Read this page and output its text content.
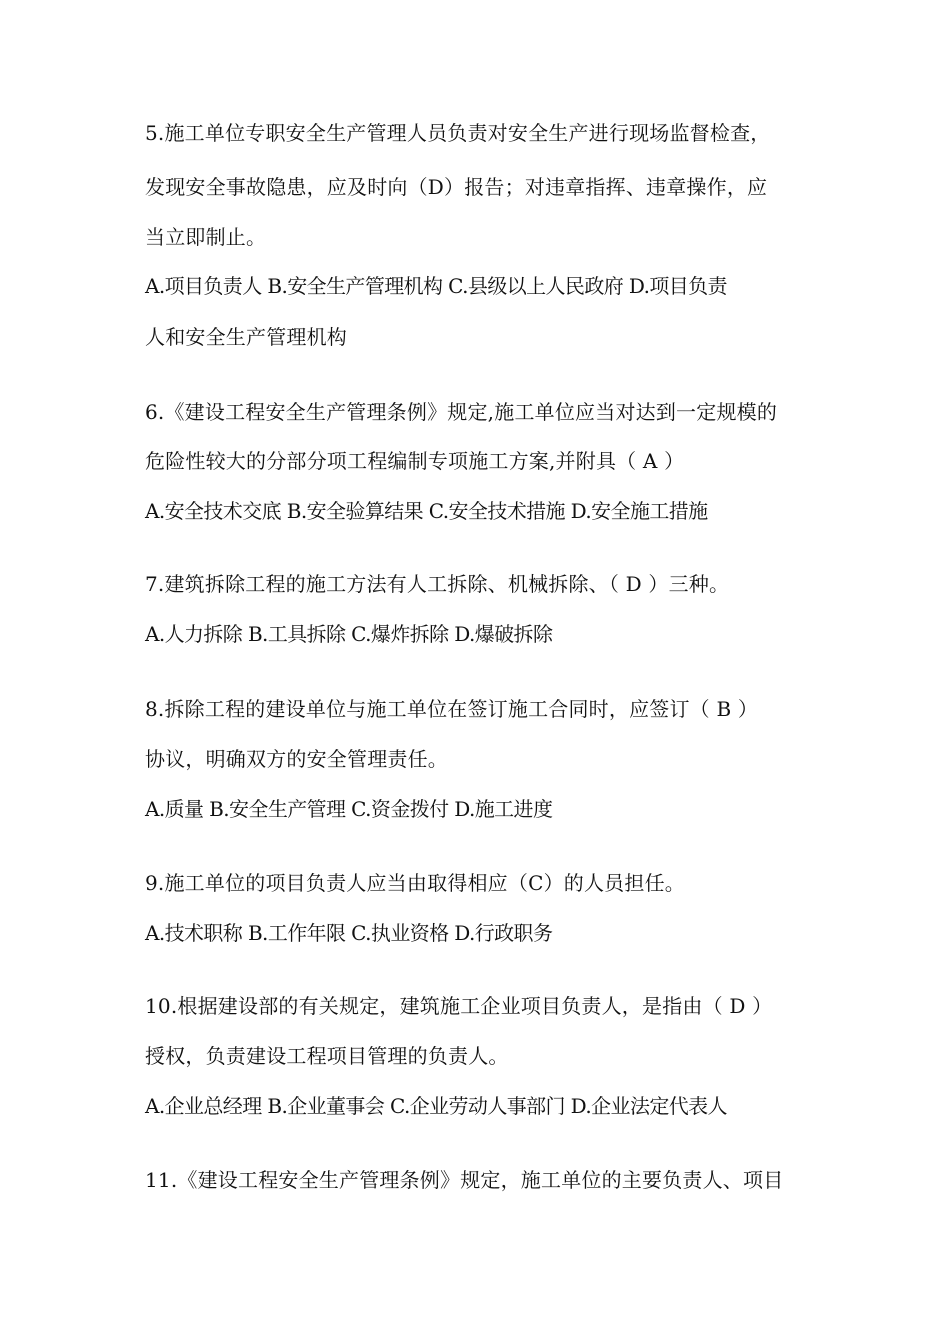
5.施工单位专职安全生产管理人员负责对安全生产进行现场监督检查，
发现安全事故隐患，应及时向（D）报告；对违章指挥、违章操作，应
当立即制止。
A.项目负责人 B.安全生产管理机构 C.县级以上人民政府 D.项目负责
人和安全生产管理机构
6.《建设工程安全生产管理条例》规定,施工单位应当对达到一定规模的
危险性较大的分部分项工程编制专项施工方案,并附具（ A ）
A.安全技术交底 B.安全验算结果 C.安全技术措施 D.安全施工措施
7.建筑拆除工程的施工方法有人工拆除、机械拆除、（ D ）三种。
A.人力拆除 B.工具拆除 C.爆炸拆除 D.爆破拆除
8.拆除工程的建设单位与施工单位在签订施工合同时，应签订（ B ）
协议，明确双方的安全管理责任。
A.质量 B.安全生产管理 C.资金拨付 D.施工进度
9.施工单位的项目负责人应当由取得相应（C）的人员担任。
A.技术职称 B.工作年限 C.执业资格 D.行政职务
10.根据建设部的有关规定，建筑施工企业项目负责人，是指由（ D ）
授权，负责建设工程项目管理的负责人。
A.企业总经理 B.企业董事会 C.企业劳动人事部门 D.企业法定代表人
11.《建设工程安全生产管理条例》规定，施工单位的主要负责人、项目
